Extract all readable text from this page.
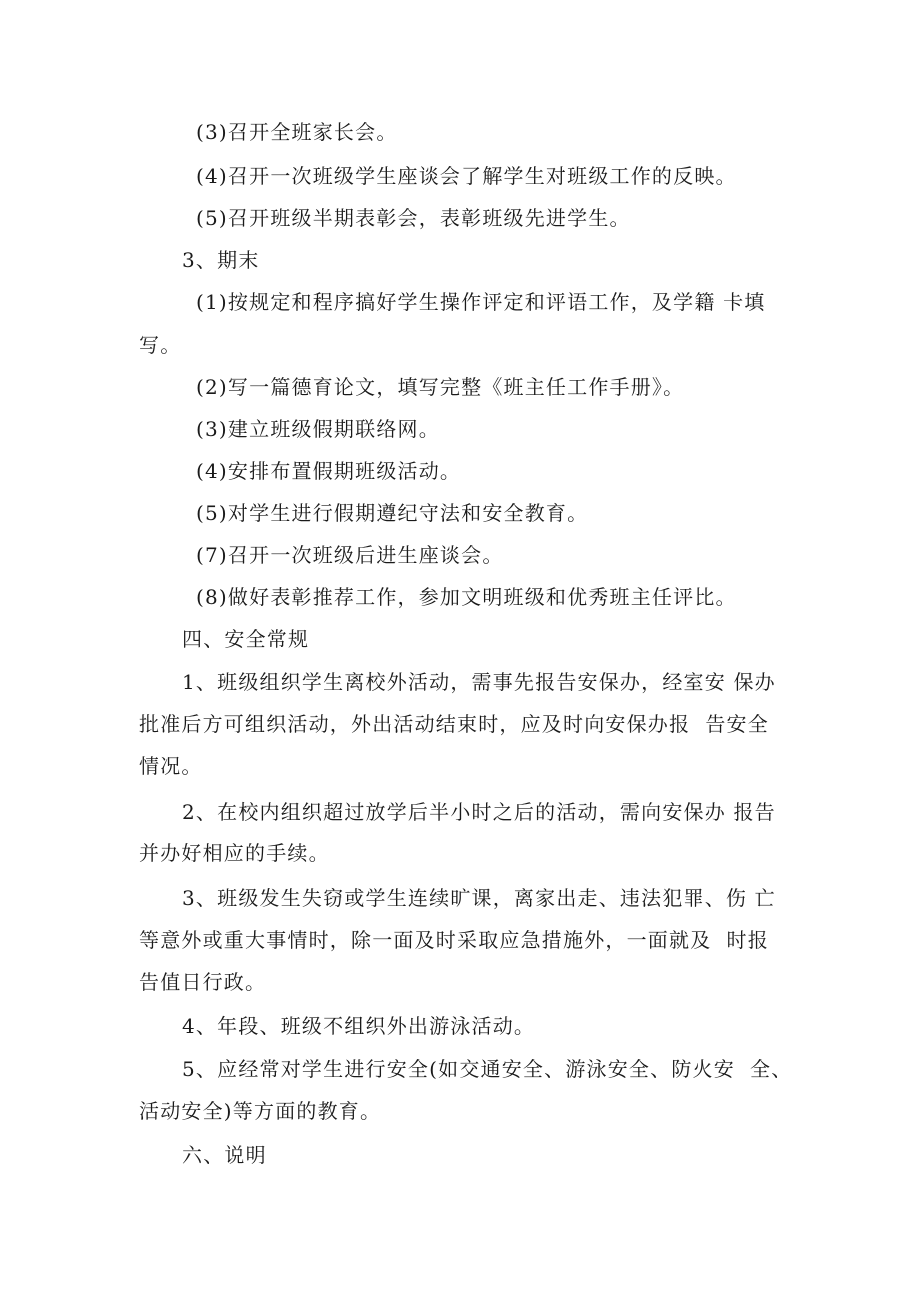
(3)召开全班家长会。
(4)召开一次班级学生座谈会了解学生对班级工作的反映。
(5)召开班级半期表彰会，表彰班级先进学生。
3、期末
(1)按规定和程序搞好学生操作评定和评语工作，及学籍 卡填
写。
(2)写一篇德育论文，填写完整《班主任工作手册》。
(3)建立班级假期联络网。
(4)安排布置假期班级活动。
(5)对学生进行假期遵纪守法和安全教育。
(7)召开一次班级后进生座谈会。
(8)做好表彰推荐工作，参加文明班级和优秀班主任评比。
四、安全常规
1、班级组织学生离校外活动，需事先报告安保办，经室安 保办
批准后方可组织活动，外出活动结束时，应及时向安保办报  告安全
情况。
2、在校内组织超过放学后半小时之后的活动，需向安保办 报告
并办好相应的手续。
3、班级发生失窃或学生连续旷课，离家出走、违法犯罪、伤 亡
等意外或重大事情时，除一面及时采取应急措施外，一面就及  时报
告值日行政。
4、年段、班级不组织外出游泳活动。
5、应经常对学生进行安全(如交通安全、游泳安全、防火安  全、
活动安全)等方面的教育。
六、说明
